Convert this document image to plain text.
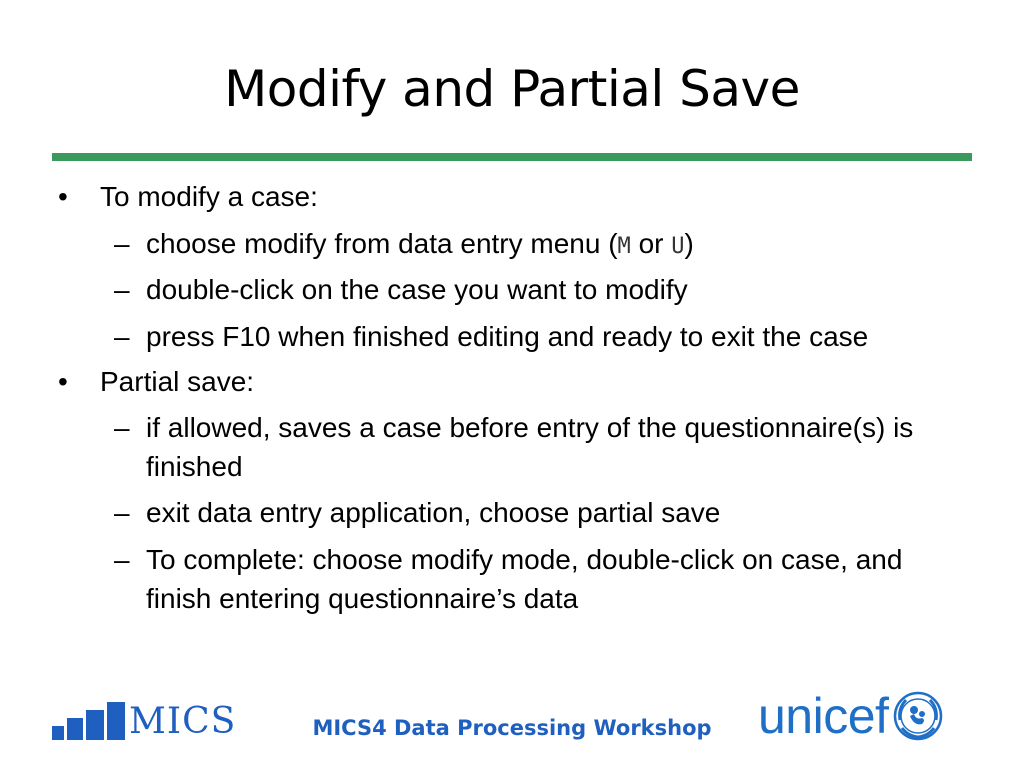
Modify and Partial Save
•	To modify a case:
– choose modify from data entry menu (M or U)
– double-click on the case you want to modify
– press F10 when finished editing and ready to exit the case
•	Partial save:
– if allowed, saves a case before entry of the questionnaire(s) is finished
– exit data entry application, choose partial save
– To complete: choose modify mode, double-click on case, and finish entering questionnaire’s data
MICS	MICS4 Data Processing Workshop unicef
